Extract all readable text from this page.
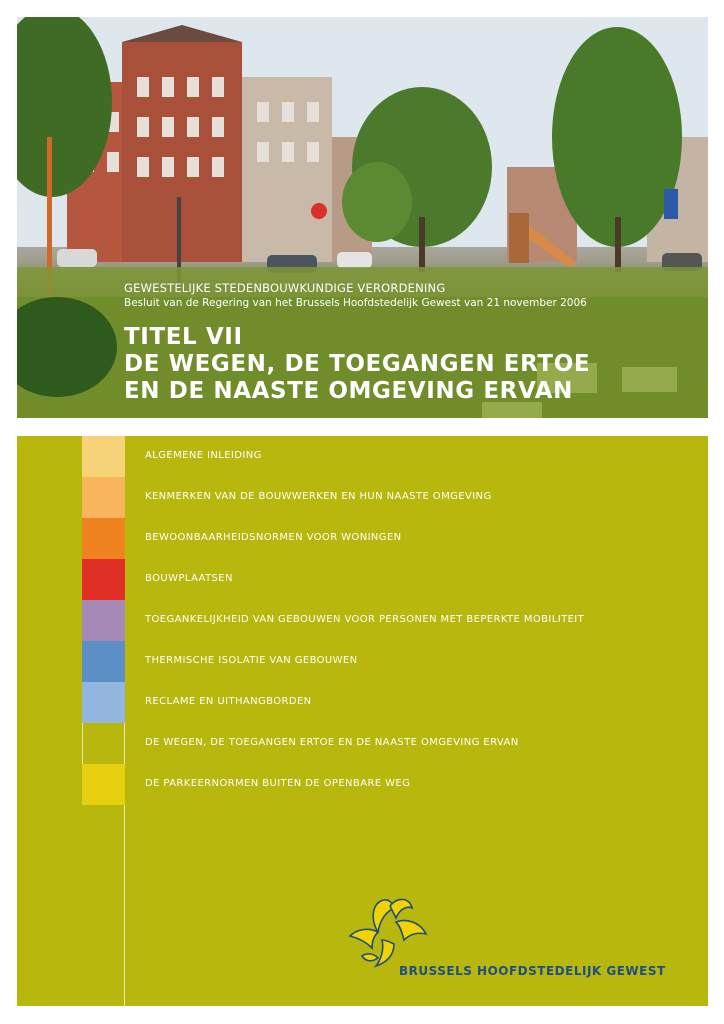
GEWESTELIJKE STEDENBOUWKUNDIGE VERORDENING
Besluit van de Regering van het Brussels Hoofdstedelijk Gewest van 21 november 2006
TITEL VII
DE WEGEN, DE TOEGANGEN ERTOE
EN DE NAASTE OMGEVING ERVAN
ALGEMENE INLEIDING
KENMERKEN VAN DE BOUWWERKEN EN HUN NAASTE OMGEVING
BEWOONBAARHEIDSNORMEN VOOR WONINGEN
BOUWPLAATSEN
TOEGANKELIJKHEID VAN GEBOUWEN VOOR PERSONEN MET BEPERKTE MOBILITEIT
THERMISCHE ISOLATIE VAN GEBOUWEN
RECLAME EN UITHANGBORDEN
DE WEGEN, DE TOEGANGEN ERTOE EN DE NAASTE OMGEVING ERVAN
DE PARKEERNORMEN BUITEN DE OPENBARE WEG
BRUSSELS HOOFDSTEDELIJK GEWEST
